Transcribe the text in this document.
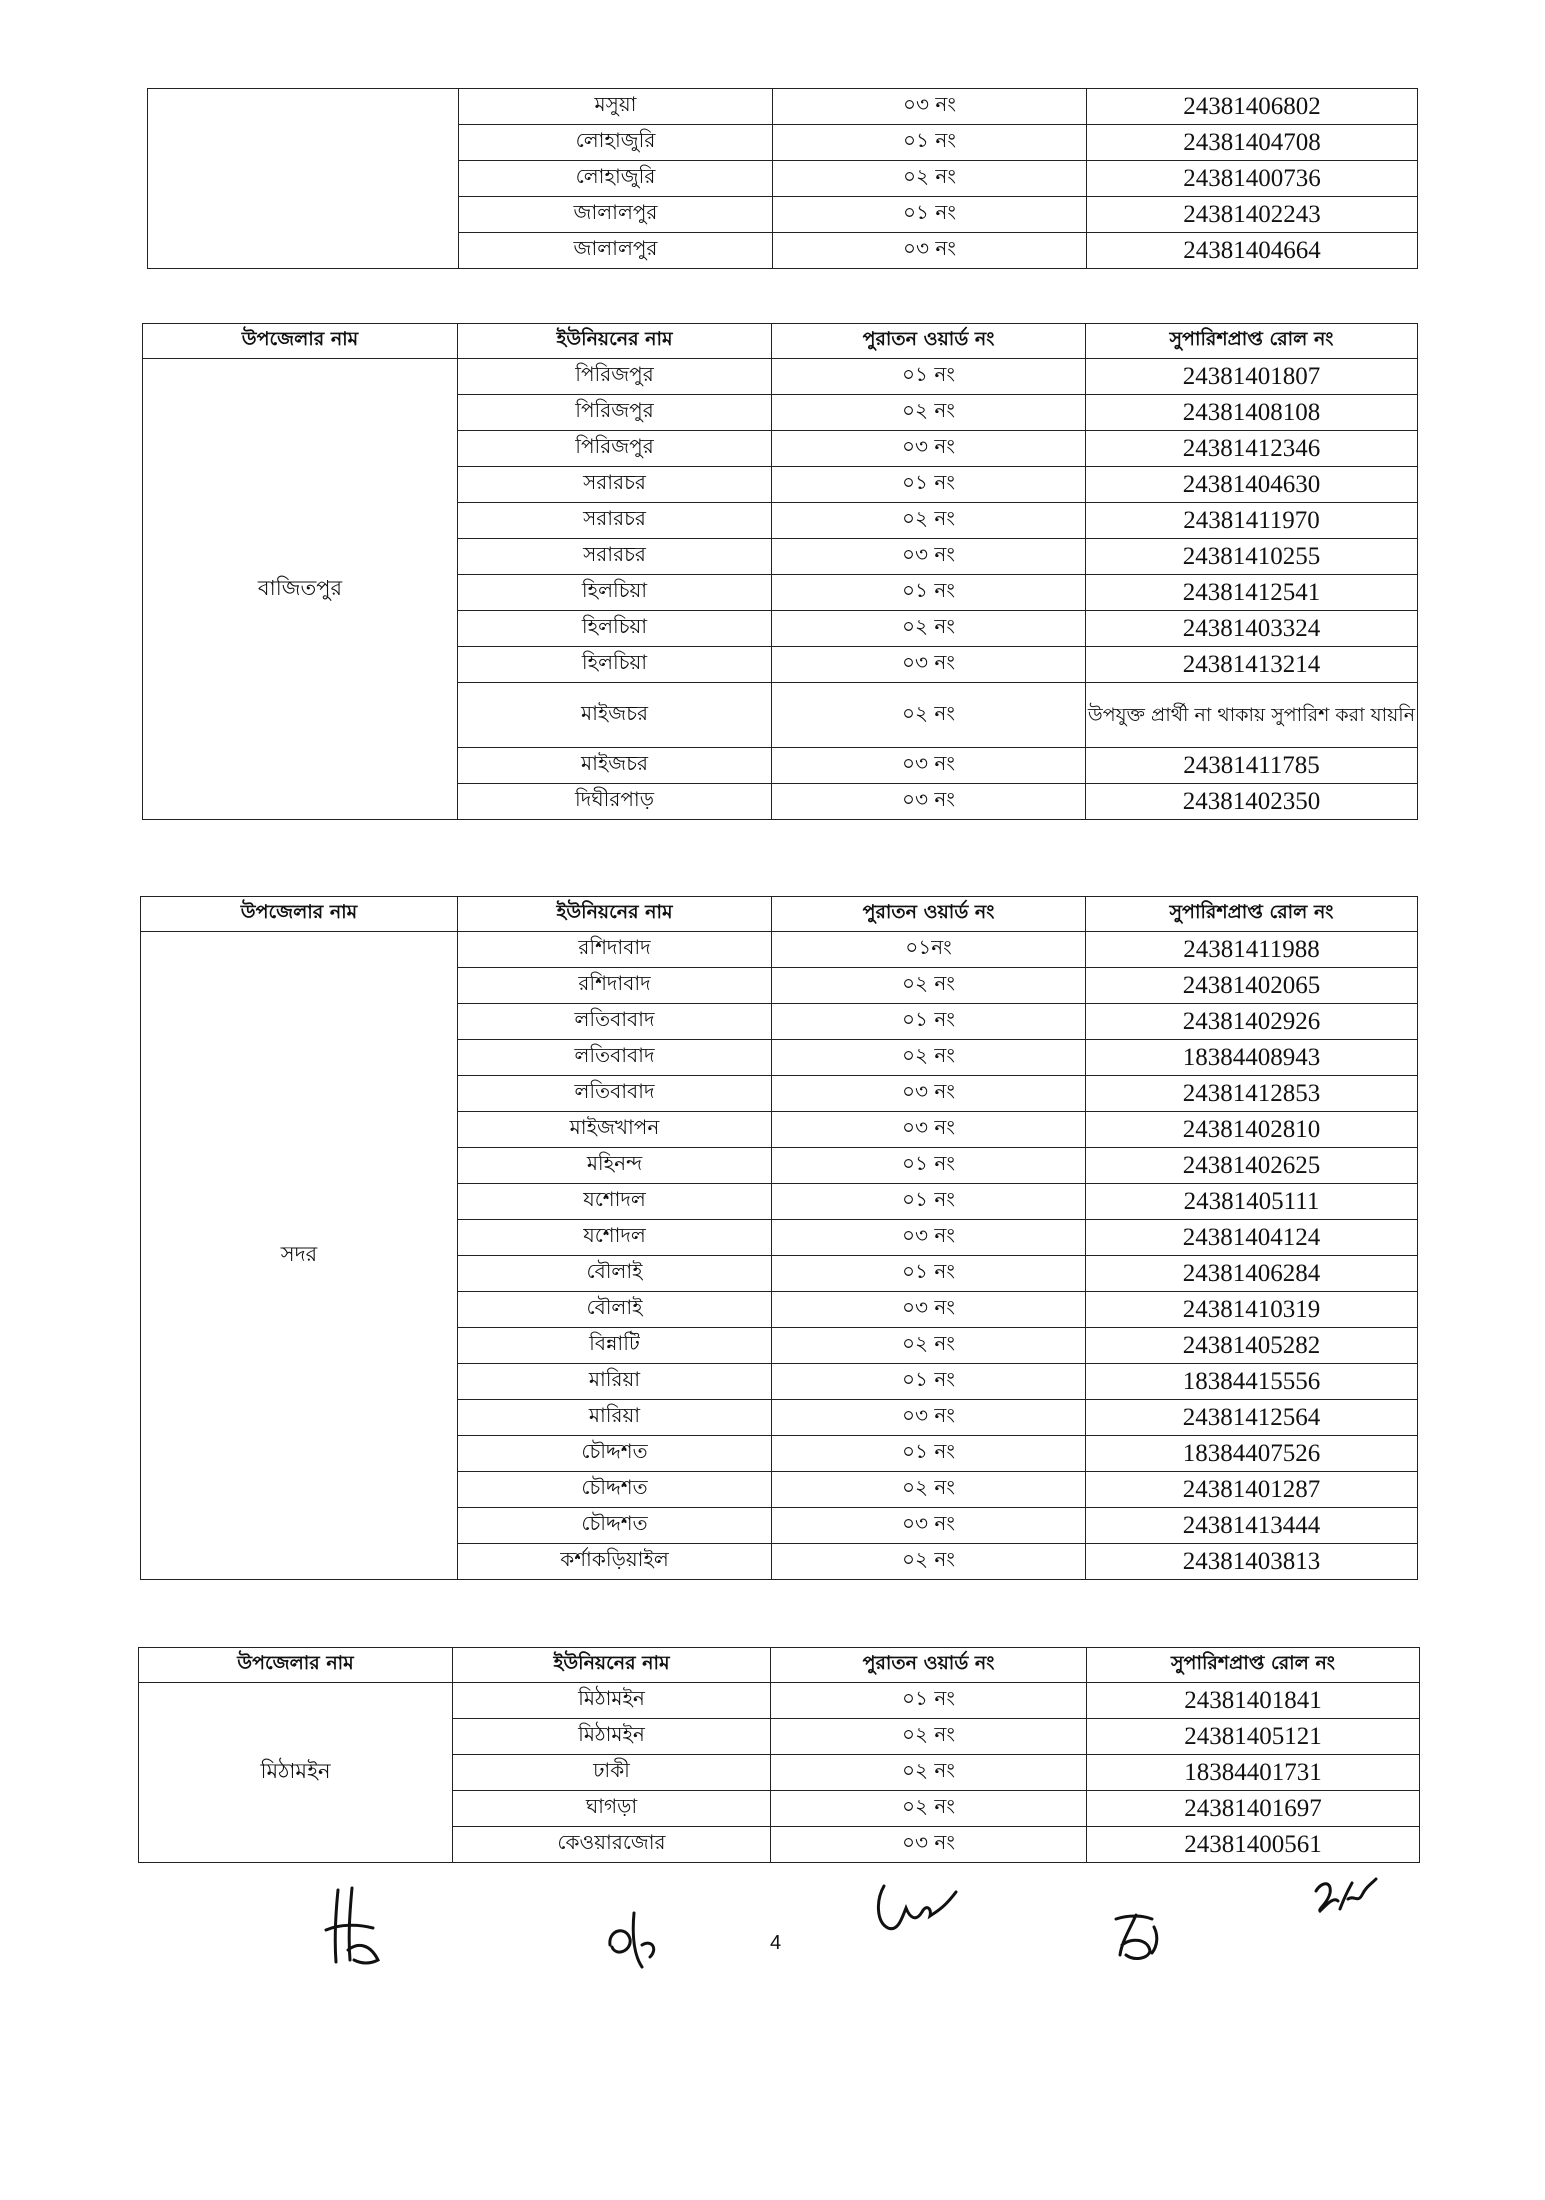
	মসুয়া	০৩ নং	24381406802
	লোহাজুরি	০১ নং	24381404708
	লোহাজুরি	০২ নং	24381400736
	জালালপুর	০১ নং	24381402243
	জালালপুর	০৩ নং	24381404664
উপজেলার নাম	ইউনিয়নের নাম	পুরাতন ওয়ার্ড নং	সুপারিশপ্রাপ্ত রোল নং
বাজিতপুর	পিরিজপুর	০১ নং	24381401807
	পিরিজপুর	০২ নং	24381408108
	পিরিজপুর	০৩ নং	24381412346
	সরারচর	০১ নং	24381404630
	সরারচর	০২ নং	24381411970
	সরারচর	০৩ নং	24381410255
	হিলচিয়া	০১ নং	24381412541
	হিলচিয়া	০২ নং	24381403324
	হিলচিয়া	০৩ নং	24381413214
	মাইজচর	০২ নং	উপযুক্ত প্রার্থী না থাকায় সুপারিশ করা যায়নি
	মাইজচর	০৩ নং	24381411785
	দিঘীরপাড়	০৩ নং	24381402350
উপজেলার নাম	ইউনিয়নের নাম	পুরাতন ওয়ার্ড নং	সুপারিশপ্রাপ্ত রোল নং
সদর	রশিদাবাদ	০১নং	24381411988
	রশিদাবাদ	০২ নং	24381402065
	লতিবাবাদ	০১ নং	24381402926
	লতিবাবাদ	০২ নং	18384408943
	লতিবাবাদ	০৩ নং	24381412853
	মাইজখাপন	০৩ নং	24381402810
	মহিনন্দ	০১ নং	24381402625
	যশোদল	০১ নং	24381405111
	যশোদল	০৩ নং	24381404124
	বৌলাই	০১ নং	24381406284
	বৌলাই	০৩ নং	24381410319
	বিন্নাটি	০২ নং	24381405282
	মারিয়া	০১ নং	18384415556
	মারিয়া	০৩ নং	24381412564
	চৌদ্দশত	০১ নং	18384407526
	চৌদ্দশত	০২ নং	24381401287
	চৌদ্দশত	০৩ নং	24381413444
	কর্শাকড়িয়াইল	০২ নং	24381403813
উপজেলার নাম	ইউনিয়নের নাম	পুরাতন ওয়ার্ড নং	সুপারিশপ্রাপ্ত রোল নং
মিঠামইন	মিঠামইন	০১ নং	24381401841
	মিঠামইন	০২ নং	24381405121
	ঢাকী	০২ নং	18384401731
	ঘাগড়া	০২ নং	24381401697
	কেওয়ারজোর	০৩ নং	24381400561
4
